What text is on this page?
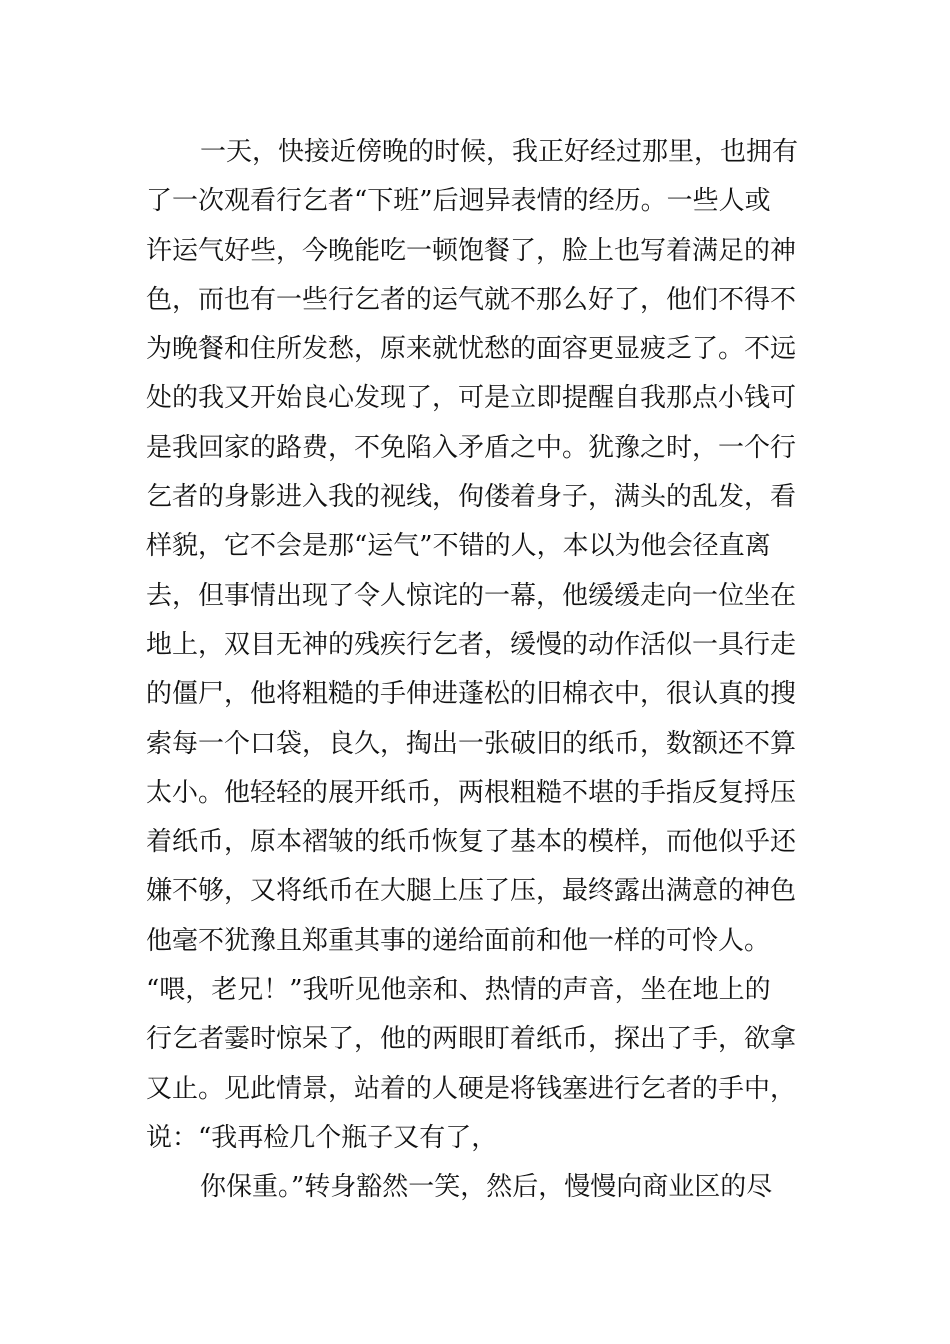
一天，快接近傍晚的时候，我正好经过那里，也拥有
了一次观看行乞者“下班”后迥异表情的经历。一些人或
许运气好些，今晚能吃一顿饱餐了，脸上也写着满足的神
色，而也有一些行乞者的运气就不那么好了，他们不得不
为晚餐和住所发愁，原来就忧愁的面容更显疲乏了。不远
处的我又开始良心发现了，可是立即提醒自我那点小钱可
是我回家的路费，不免陷入矛盾之中。犹豫之时，一个行
乞者的身影进入我的视线，佝偻着身子，满头的乱发，看
样貌，它不会是那“运气”不错的人，本以为他会径直离
去，但事情出现了令人惊诧的一幕，他缓缓走向一位坐在
地上，双目无神的残疾行乞者，缓慢的动作活似一具行走
的僵尸，他将粗糙的手伸进蓬松的旧棉衣中，很认真的搜
索每一个口袋，良久，掏出一张破旧的纸币，数额还不算
太小。他轻轻的展开纸币，两根粗糙不堪的手指反复捋压
着纸币，原本褶皱的纸币恢复了基本的模样，而他似乎还
嫌不够，又将纸币在大腿上压了压，最终露出满意的神色
他毫不犹豫且郑重其事的递给面前和他一样的可怜人。
“喂，老兄！”我听见他亲和、热情的声音，坐在地上的
行乞者霎时惊呆了，他的两眼盯着纸币，探出了手，欲拿
又止。见此情景，站着的人硬是将钱塞进行乞者的手中，
说：“我再检几个瓶子又有了，
你保重。”转身豁然一笑，然后，慢慢向商业区的尽
